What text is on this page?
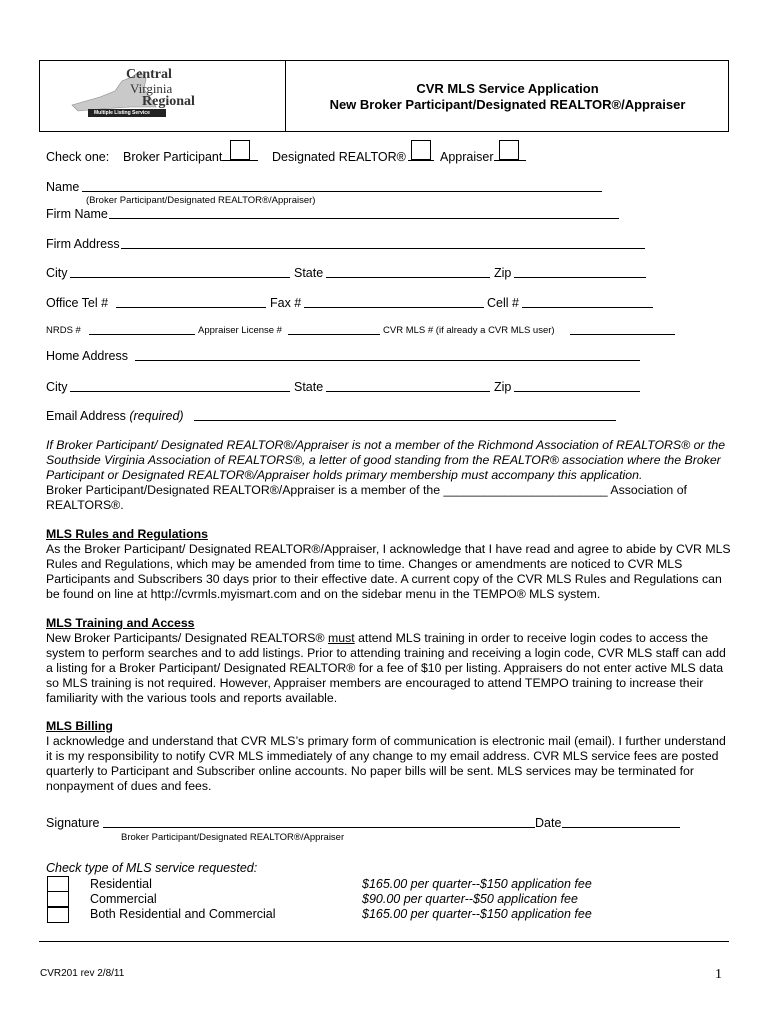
Central
Virginia
Regional
Multiple Listing Service
CVR MLS Service Application
New Broker Participant/Designated REALTOR®/Appraiser
Check one: Broker Participant	Designated REALTOR®	Appraiser
Name
(Broker Participant/Designated REALTOR®/Appraiser)
Firm Name
Firm Address
City	State	Zip
Office Tel #	Fax #	Cell #
NRDS #	Appraiser License #	CVR MLS # (if already a CVR MLS user)
Home Address
City	State	Zip
Email Address (required)
If Broker Participant/ Designated REALTOR®/Appraiser is not a member of the Richmond Association of REALTORS® or the Southside Virginia Association of REALTORS®, a letter of good standing from the REALTOR® association where the Broker Participant or Designated REALTOR®/Appraiser holds primary membership must accompany this application.
Broker Participant/Designated REALTOR®/Appraiser is a member of the ________________________ Association of REALTORS®.
MLS Rules and Regulations
As the Broker Participant/ Designated REALTOR®/Appraiser, I acknowledge that I have read and agree to abide by CVR MLS Rules and Regulations, which may be amended from time to time. Changes or amendments are noticed to CVR MLS Participants and Subscribers 30 days prior to their effective date. A current copy of the CVR MLS Rules and Regulations can be found on line at http://cvrmls.myismart.com and on the sidebar menu in the TEMPO® MLS system.
MLS Training and Access
New Broker Participants/ Designated REALTORS® must attend MLS training in order to receive login codes to access the system to perform searches and to add listings. Prior to attending training and receiving a login code, CVR MLS staff can add a listing for a Broker Participant/ Designated REALTOR® for a fee of $10 per listing. Appraisers do not enter active MLS data so MLS training is not required. However, Appraiser members are encouraged to attend TEMPO training to increase their familiarity with the various tools and reports available.
MLS Billing
I acknowledge and understand that CVR MLS’s primary form of communication is electronic mail (email). I further understand it is my responsibility to notify CVR MLS immediately of any change to my email address. CVR MLS service fees are posted quarterly to Participant and Subscriber online accounts. No paper bills will be sent. MLS services may be terminated for nonpayment of dues and fees.
Signature	Date
Broker Participant/Designated REALTOR®/Appraiser
Check type of MLS service requested:
Residential	$165.00 per quarter--$150 application fee
Commercial	$90.00 per quarter--$50 application fee
Both Residential and Commercial	$165.00 per quarter--$150 application fee
CVR201 rev 2/8/11	1
